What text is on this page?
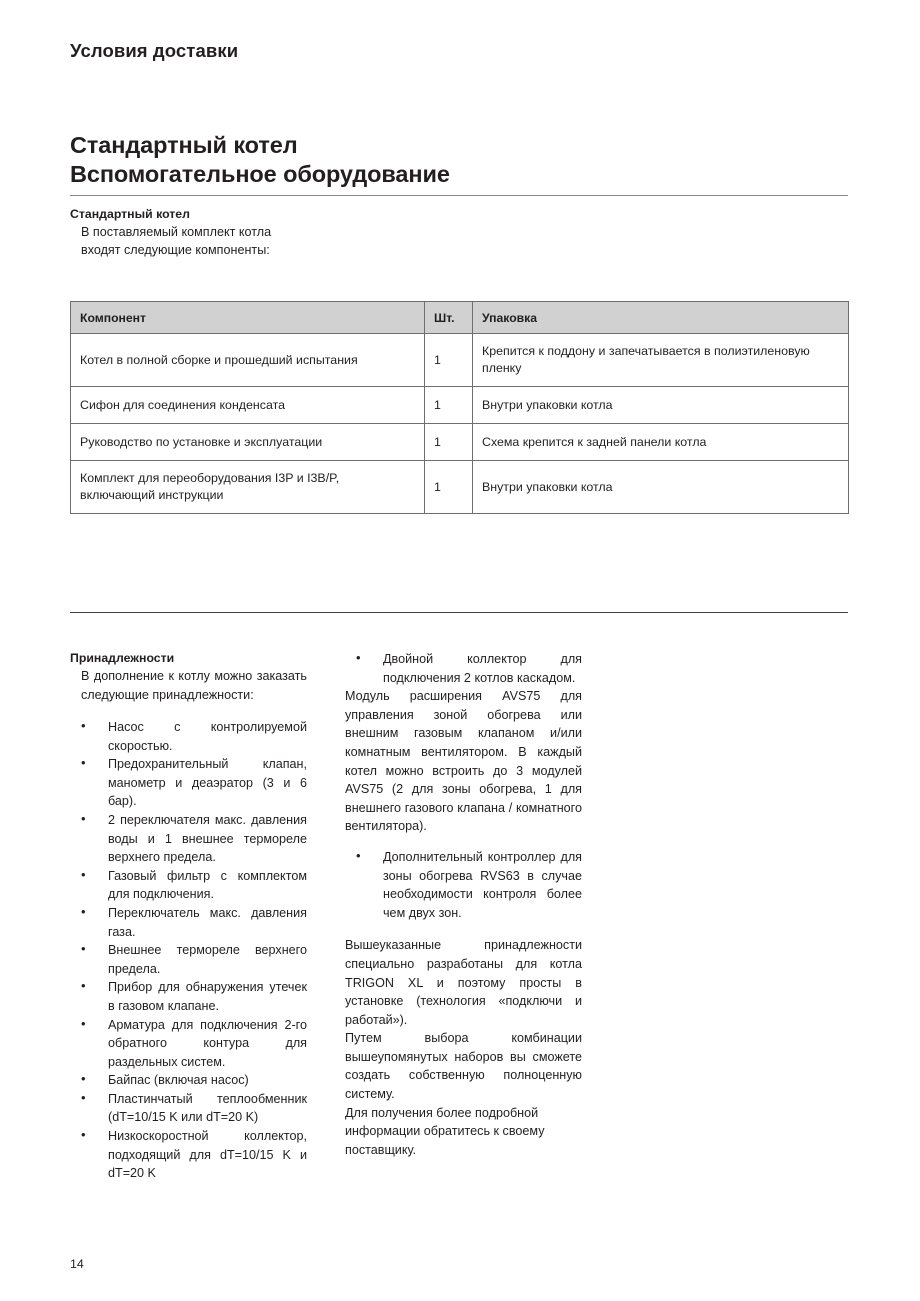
Условия доставки
Стандартный котел
Вспомогательное оборудование
Стандартный котел
В поставляемый комплект котла
входят следующие компоненты:
Компонент	Шт.	Упаковка
Котел в полной сборке и прошедший испытания	1	Крепится к поддону и запечатывается в полиэтиленовую пленку
Сифон для соединения конденсата	1	Внутри упаковки котла
Руководство по установке и эксплуатации	1	Схема крепится к задней панели котла
Комплект для переоборудования I3P и I3B/P, включающий инструкции	1	Внутри упаковки котла
Принадлежности
В дополнение к котлу можно заказать следующие принадлежности:
• Насос с контролируемой скоростью.
• Предохранительный клапан, манометр и деаэратор (3 и 6 бар).
• 2 переключателя макс. давления воды и 1 внешнее термореле верхнего предела.
• Газовый фильтр с комплектом для подключения.
• Переключатель макс. давления газа.
• Внешнее термореле верхнего предела.
• Прибор для обнаружения утечек в газовом клапане.
• Арматура для подключения 2-го обратного контура для раздельных систем.
• Байпас (включая насос)
• Пластинчатый теплообменник (dT=10/15 K или dT=20 K)
• Низкоскоростной коллектор, подходящий для dT=10/15 K и dT=20 K
• Двойной коллектор для подключения 2 котлов каскадом.

Модуль расширения AVS75 для управления зоной обогрева или внешним газовым клапаном и/или комнатным вентилятором. В каждый котел можно встроить до 3 модулей AVS75 (2 для зоны обогрева, 1 для внешнего газового клапана / комнатного вентилятора).

• Дополнительный контроллер для зоны обогрева RVS63 в случае необходимости контроля более чем двух зон.

Вышеуказанные принадлежности специально разработаны для котла TRIGON XL и поэтому просты в установке (технология «подключи и работай»).

Путем выбора комбинации вышеупомянутых наборов вы сможете создать собственную полноценную систему.

Для получения более подробной информации обратитесь к своему поставщику.

14
